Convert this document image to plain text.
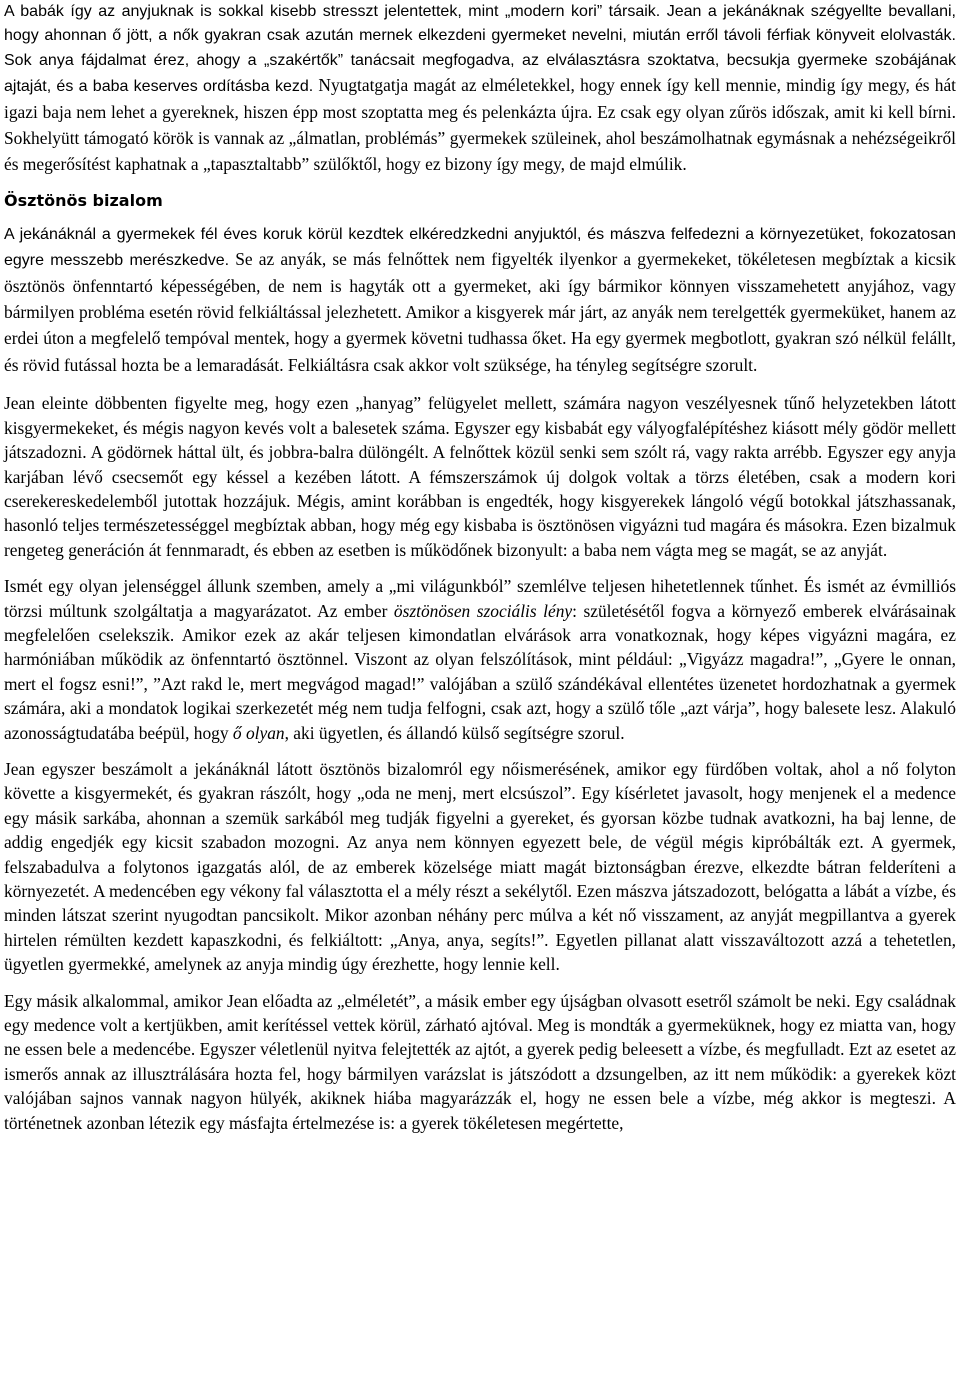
A babák így az anyjuknak is sokkal kisebb stresszt jelentettek, mint „modern kori” társaik. Jean a jekánáknak szégyellte bevallani, hogy ahonnan ő jött, a nők gyakran csak azután mernek elkezdeni gyermeket nevelni, miután erről távoli férfiak könyveit elolvasták. Sok anya fájdalmat érez, ahogy a „szakértők” tanácsait megfogadva, az elválasztásra szoktatva, becsukja gyermeke szobájának ajtaját, és a baba keserves ordításba kezd. Nyugtatgatja magát az elméletekkel, hogy ennek így kell mennie, mindig így megy, és hát igazi baja nem lehet a gyereknek, hiszen épp most szoptatta meg és pelenkázta újra. Ez csak egy olyan zűrös időszak, amit ki kell bírni. Sokhelyütt támogató körök is vannak az „álmatlan, problémás” gyermekek szüleinek, ahol beszámolhatnak egymásnak a nehézségeikről és megerősítést kaphatnak a „tapasztaltabb” szülőktől, hogy ez bizony így megy, de majd elmúlik.

Ösztönös bizalom

A jekánáknál a gyermekek fél éves koruk körül kezdtek elkéredzkedni anyjuktól, és mászva felfedezni a környezetüket, fokozatosan egyre messzebb merészkedve. Se az anyák, se más felnőttek nem figyelték ilyenkor a gyermekeket, tökéletesen megbíztak a kicsik ösztönös önfenntartó képességében, de nem is hagyták ott a gyermeket, aki így bármikor könnyen visszamehetett anyjához, vagy bármilyen probléma esetén rövid felkiáltással jelezhetett. Amikor a kisgyerek már járt, az anyák nem terelgették gyermeküket, hanem az erdei úton a megfelelő tempóval mentek, hogy a gyermek követni tudhassa őket. Ha egy gyermek megbotlott, gyakran szó nélkül felállt, és rövid futással hozta be a lemaradását. Felkiáltásra csak akkor volt szüksége, ha tényleg segítségre szorult.

Jean eleinte döbbenten figyelte meg, hogy ezen „hanyag” felügyelet mellett, számára nagyon veszélyesnek tűnő helyzetekben látott kisgyermekeket, és mégis nagyon kevés volt a balesetek száma. Egyszer egy kisbabát egy vályogfalépítéshez kiásott mély gödör mellett játszadozni. A gödörnek háttal ült, és jobbra-balra dülöngélt. A felnőttek közül senki sem szólt rá, vagy rakta arrébb. Egyszer egy anyja karjában lévő csecsemőt egy késsel a kezében látott. A fémszerszámok új dolgok voltak a törzs életében, csak a modern kori cserekereskedelemből jutottak hozzájuk. Mégis, amint korábban is engedték, hogy kisgyerekek lángoló végű botokkal játszhassanak, hasonló teljes természetességgel megbíztak abban, hogy még egy kisbaba is ösztönösen vigyázni tud magára és másokra. Ezen bizalmuk rengeteg generáción át fennmaradt, és ebben az esetben is működőnek bizonyult: a baba nem vágta meg se magát, se az anyját.

Ismét egy olyan jelenséggel állunk szemben, amely a „mi világunkból” szemlélve teljesen hihetetlennek tűnhet. És ismét az évmilliós törzsi múltunk szolgáltatja a magyarázatot. Az ember ösztönösen szociális lény: születésétől fogva a környező emberek elvárásainak megfelelően cselekszik. Amikor ezek az akár teljesen kimondatlan elvárások arra vonatkoznak, hogy képes vigyázni magára, ez harmóniában működik az önfenntartó ösztönnel. Viszont az olyan felszólítások, mint például: „Vigyázz magadra!”, „Gyere le onnan, mert el fogsz esni!”, ”Azt rakd le, mert megvágod magad!” valójában a szülő szándékával ellentétes üzenetet hordozhatnak a gyermek számára, aki a mondatok logikai szerkezetét még nem tudja felfogni, csak azt, hogy a szülő tőle „azt várja”, hogy balesete lesz. Alakuló azonosságtudatába beépül, hogy ő olyan, aki ügyetlen, és állandó külső segítségre szorul.

Jean egyszer beszámolt a jekánáknál látott ösztönös bizalomról egy nőismerésének, amikor egy fürdőben voltak, ahol a nő folyton követte a kisgyermekét, és gyakran rászólt, hogy „oda ne menj, mert elcsúszol”. Egy kísérletet javasolt, hogy menjenek el a medence egy másik sarkába, ahonnan a szemük sarkából meg tudják figyelni a gyereket, és gyorsan közbe tudnak avatkozni, ha baj lenne, de addig engedjék egy kicsit szabadon mozogni. Az anya nem könnyen egyezett bele, de végül mégis kipróbálták ezt. A gyermek, felszabadulva a folytonos igazgatás alól, de az emberek közelsége miatt magát biztonságban érezve, elkezdte bátran felderíteni a környezetét. A medencében egy vékony fal választotta el a mély részt a sekélytől. Ezen mászva játszadozott, belógatta a lábát a vízbe, és minden látszat szerint nyugodtan pancsikolt. Mikor azonban néhány perc múlva a két nő visszament, az anyját megpillantva a gyerek hirtelen rémülten kezdett kapaszkodni, és felkiáltott: „Anya, anya, segíts!”. Egyetlen pillanat alatt visszaváltozott azzá a tehetetlen, ügyetlen gyermekké, amelynek az anyja mindig úgy érezhette, hogy lennie kell.

Egy másik alkalommal, amikor Jean előadta az „elméletét”, a másik ember egy újságban olvasott esetről számolt be neki. Egy családnak egy medence volt a kertjükben, amit kerítéssel vettek körül, zárható ajtóval. Meg is mondták a gyermeküknek, hogy ez miatta van, hogy ne essen bele a medencébe. Egyszer véletlenül nyitva felejtették az ajtót, a gyerek pedig beleesett a vízbe, és megfulladt. Ezt az esetet az ismerős annak az illusztrálására hozta fel, hogy bármilyen varázslat is játszódott a dzsungelben, az itt nem működik: a gyerekek közt valójában sajnos vannak nagyon hülyék, akiknek hiába magyarázzák el, hogy ne essen bele a vízbe, még akkor is megteszi. A történetnek azonban létezik egy másfajta értelmezése is: a gyerek tökéletesen megértette,
